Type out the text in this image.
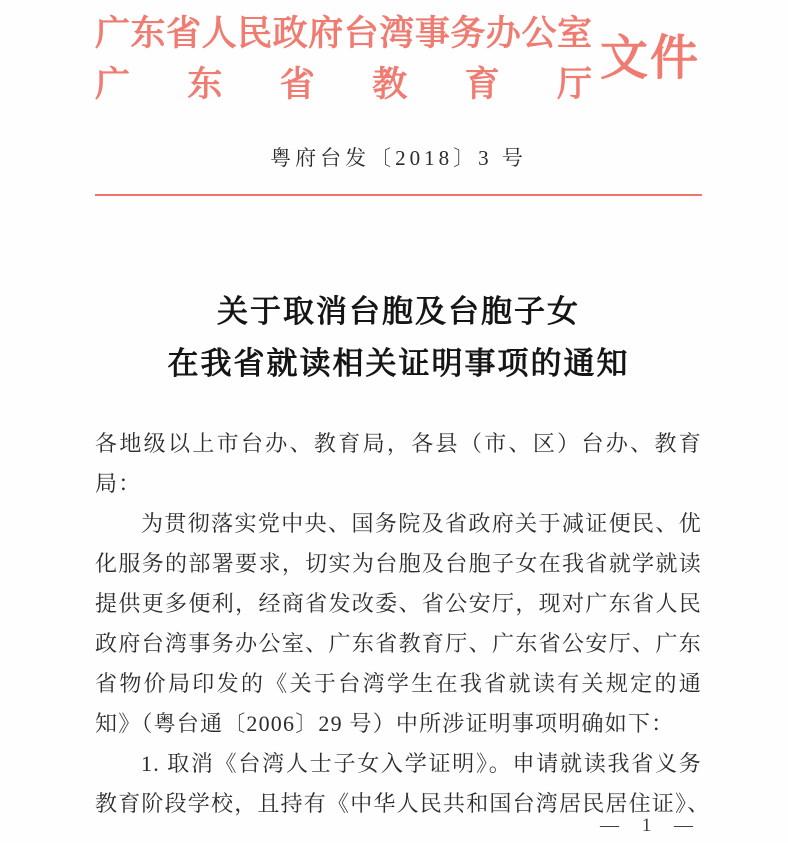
广东省人民政府台湾事务办公室
广东省教育厅 文件
粤府台发〔2018〕3 号
关于取消台胞及台胞子女
在我省就读相关证明事项的通知
各地级以上市台办、教育局，各县（市、区）台办、教育
局：
为贯彻落实党中央、国务院及省政府关于减证便民、优
化服务的部署要求，切实为台胞及台胞子女在我省就学就读
提供更多便利，经商省发改委、省公安厅，现对广东省人民
政府台湾事务办公室、广东省教育厅、广东省公安厅、广东
省物价局印发的《关于台湾学生在我省就读有关规定的通
知》（粤台通〔2006〕29 号）中所涉证明事项明确如下：
1. 取消《台湾人士子女入学证明》。申请就读我省义务
教育阶段学校，且持有《中华人民共和国台湾居民居住证》、
— 1 —
